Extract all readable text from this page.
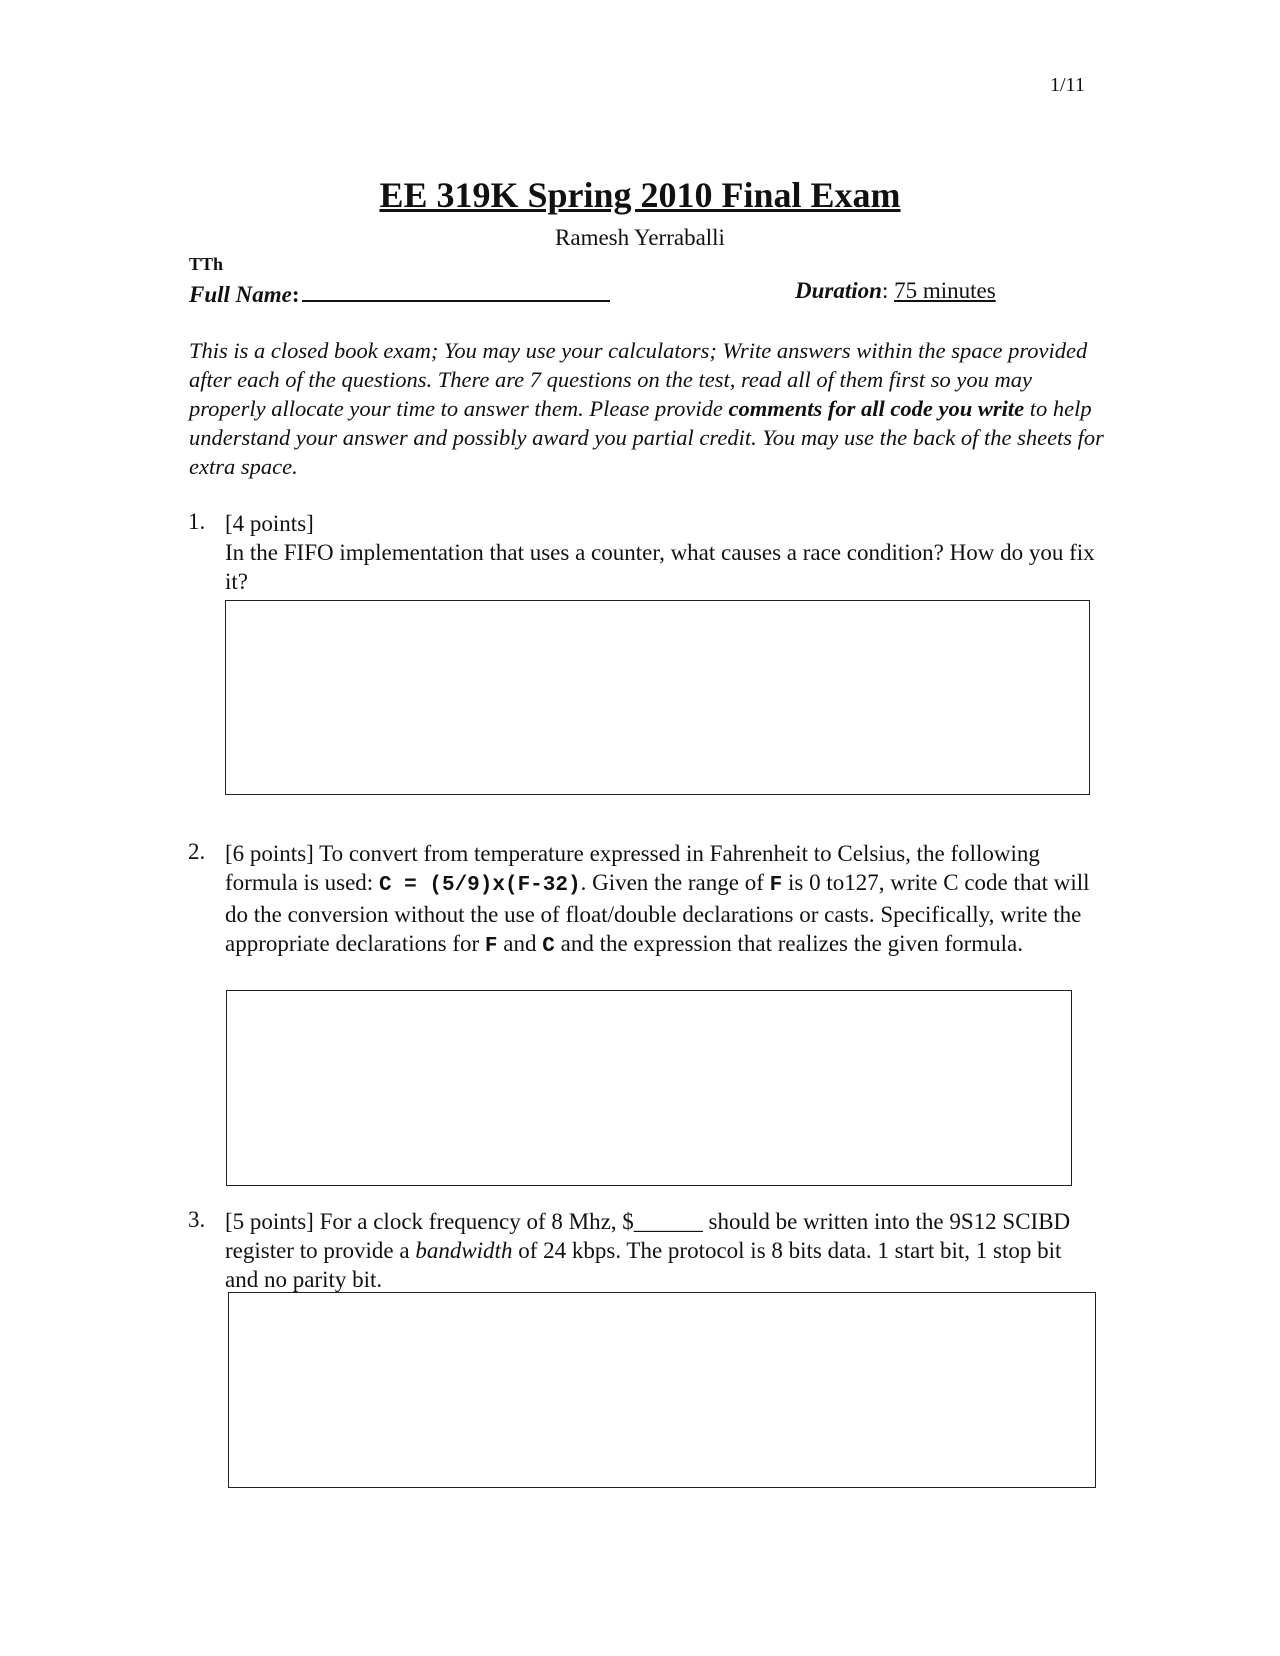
1/11
EE 319K Spring 2010 Final Exam
Ramesh Yerraballi
TTh
Full Name:	Duration: 75 minutes
This is a closed book exam; You may use your calculators; Write answers within the space provided after each of the questions. There are 7 questions on the test, read all of them first so you may properly allocate your time to answer them. Please provide comments for all code you write to help understand your answer and possibly award you partial credit. You may use the back of the sheets for extra space.
1. [4 points]
In the FIFO implementation that uses a counter, what causes a race condition? How do you fix it?
2. [6 points] To convert from temperature expressed in Fahrenheit to Celsius, the following formula is used: C = (5/9)x(F-32). Given the range of F is 0 to127, write C code that will do the conversion without the use of float/double declarations or casts. Specifically, write the appropriate declarations for F and C and the expression that realizes the given formula.
3. [5 points] For a clock frequency of 8 Mhz, $______ should be written into the 9S12 SCIBD register to provide a bandwidth of 24 kbps. The protocol is 8 bits data. 1 start bit, 1 stop bit and no parity bit.
